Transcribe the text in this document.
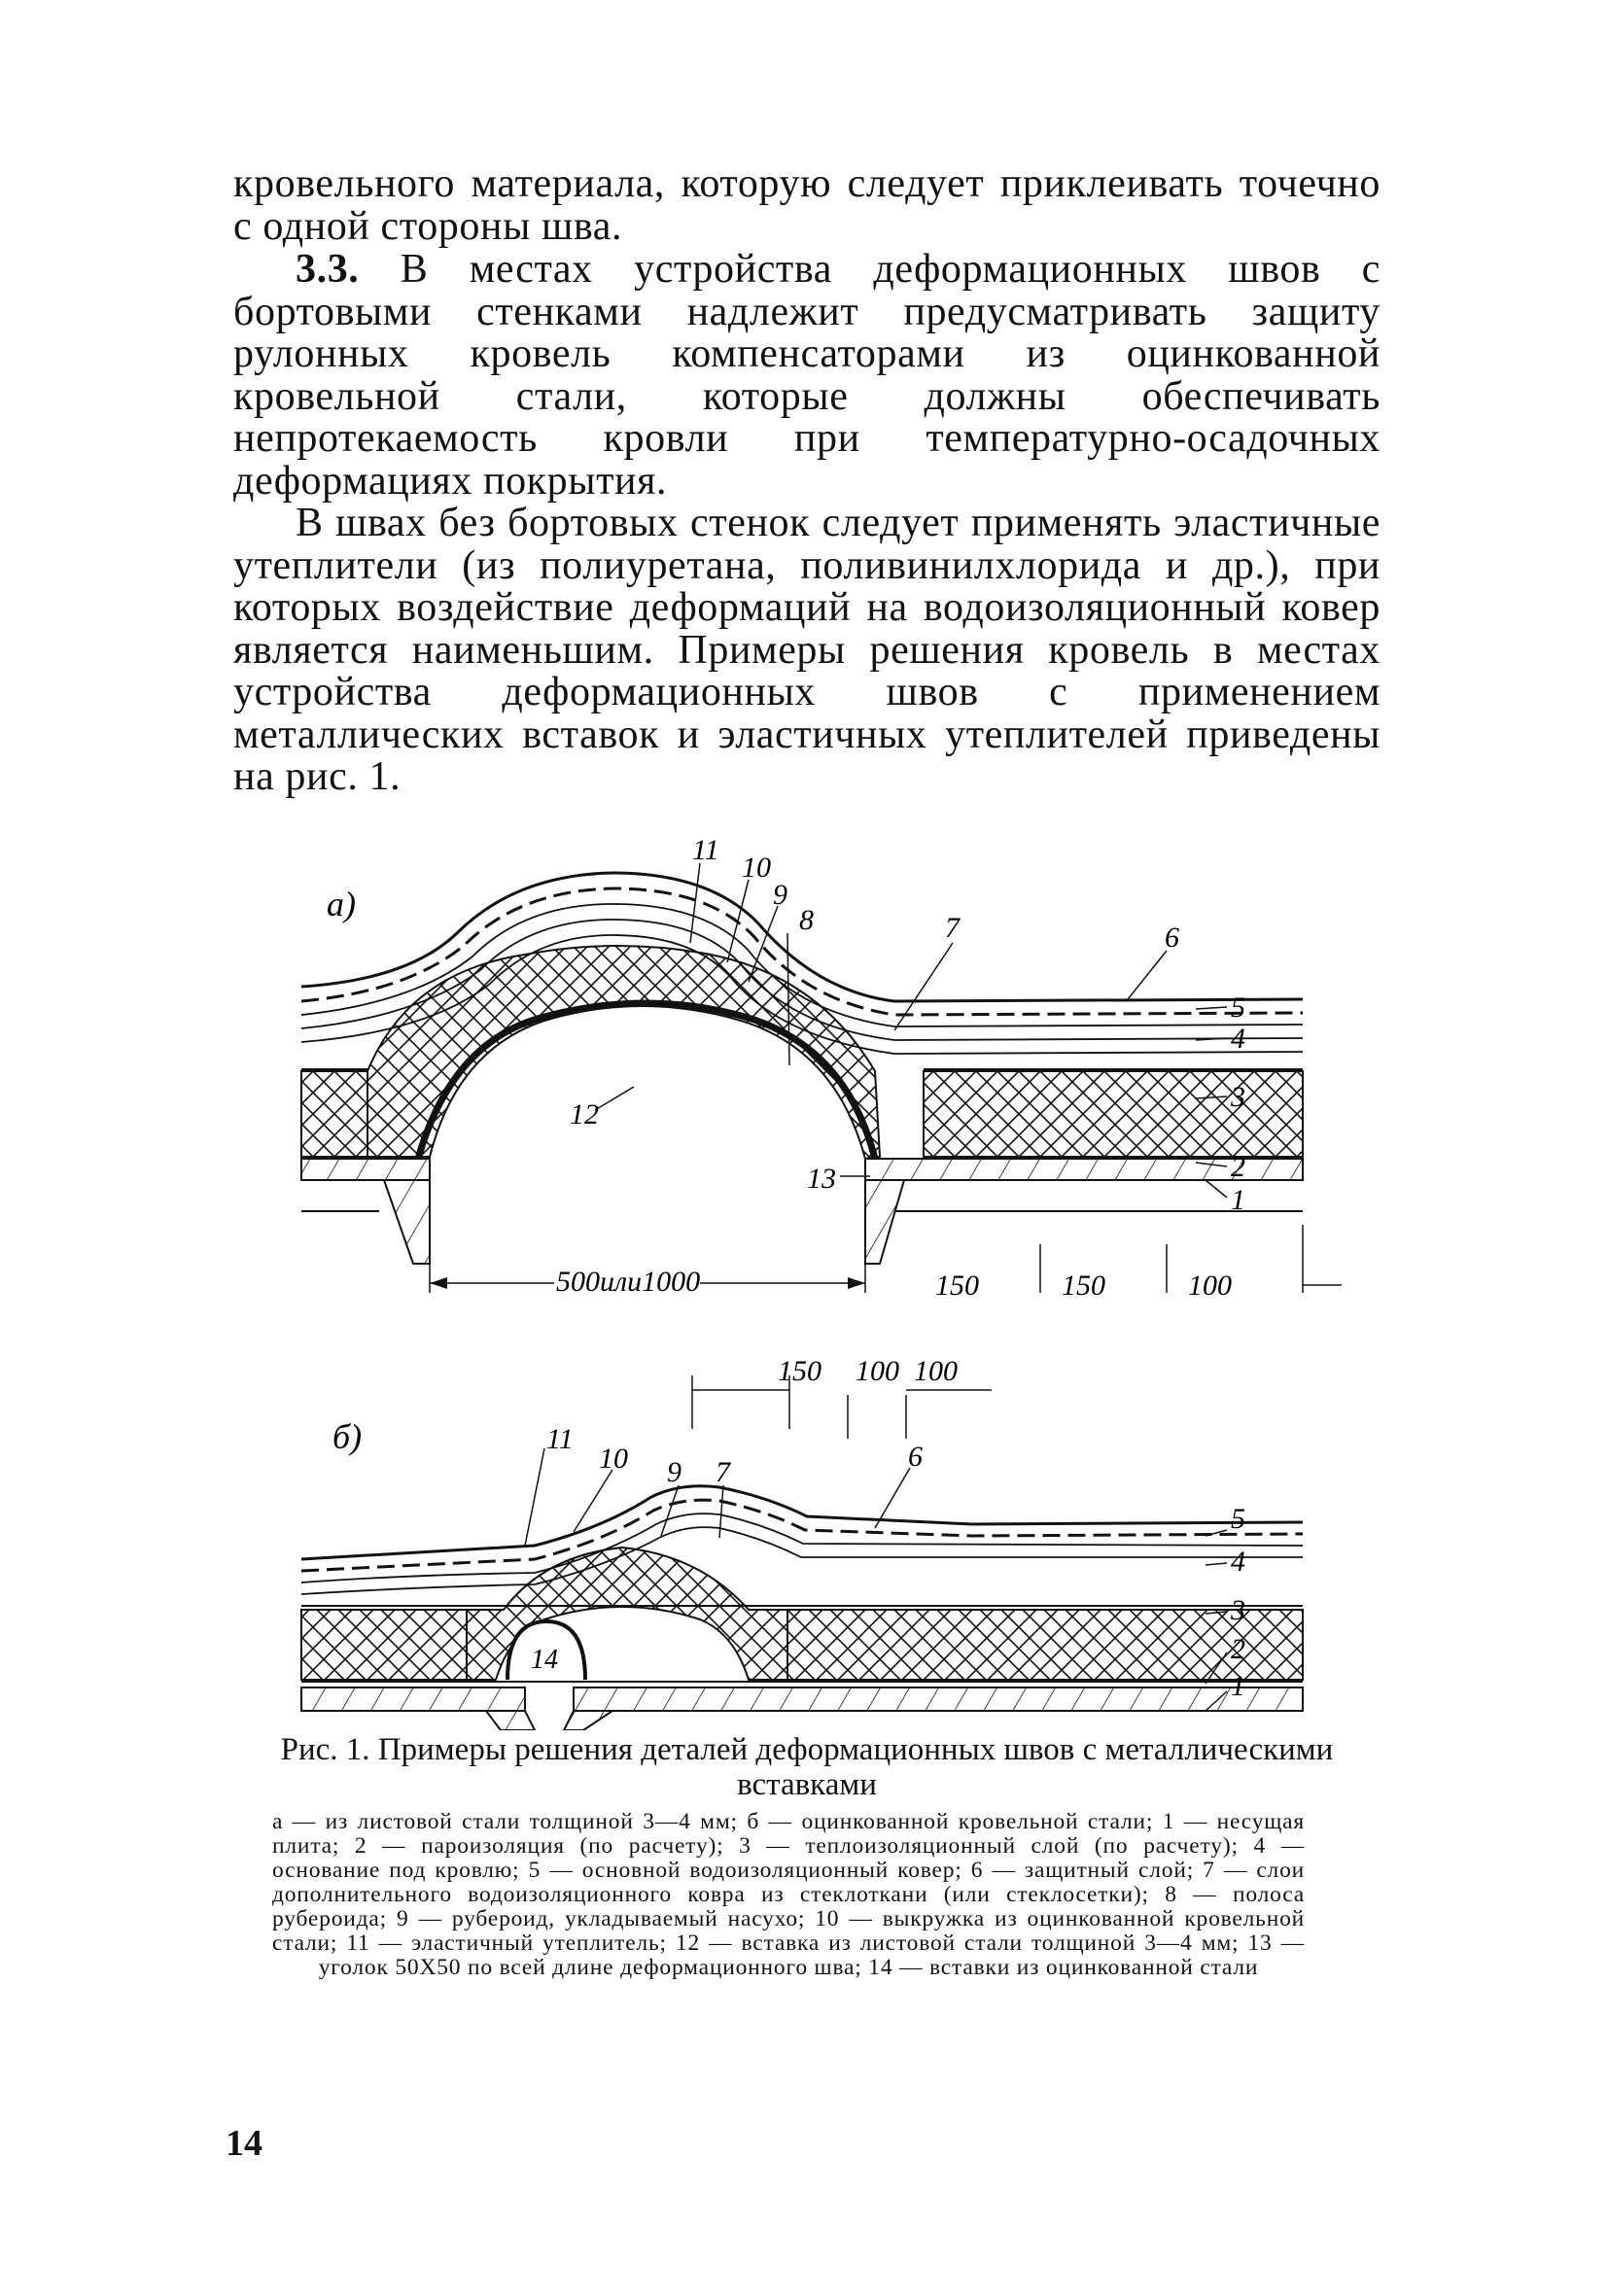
кровельного материала, которую следует приклеивать точечно с одной стороны шва.

3.3. В местах устройства деформационных швов с бортовыми стенками надлежит предусматривать защиту рулонных кровель компенсаторами из оцинкованной кровельной стали, которые должны обеспечивать непротекаемость кровли при температурно-осадочных деформациях покрытия.

В швах без бортовых стенок следует применять эластичные утеплители (из полиуретана, поливинилхлорида и др.), при которых воздействие деформаций на водоизоляционный ковер является наименьшим. Примеры решения кровель в местах устройства деформационных швов с применением металлических вставок и эластичных утеплителей приведены на рис. 1.

а)
11
10
9
8	7	6
5
4
3
2
1
12
13
500или1000	150	150	100
б)
150 100 100
14
11
10 9 7	6
5
4
3
2
1

Рис. 1. Примеры решения деталей деформационных швов с металлическими вставками

а — из листовой стали толщиной 3—4 мм; б — оцинкованной кровельной стали; 1 — несущая плита; 2 — пароизоляция (по расчету); 3 — теплоизоляционный слой (по расчету); 4 — основание под кровлю; 5 — основной водоизоляционный ковер; 6 — защитный слой; 7 — слои дополнительного водоизоляционного ковра из стеклоткани (или стеклосетки); 8 — полоса рубероида; 9 — рубероид, укладываемый насухо; 10 — выкружка из оцинкованной кровельной стали; 11 — эластичный утеплитель; 12 — вставка из листовой стали толщиной 3—4 мм; 13 — уголок 50X50 по всей длине деформационного шва; 14 — вставки из оцинкованной стали

14
